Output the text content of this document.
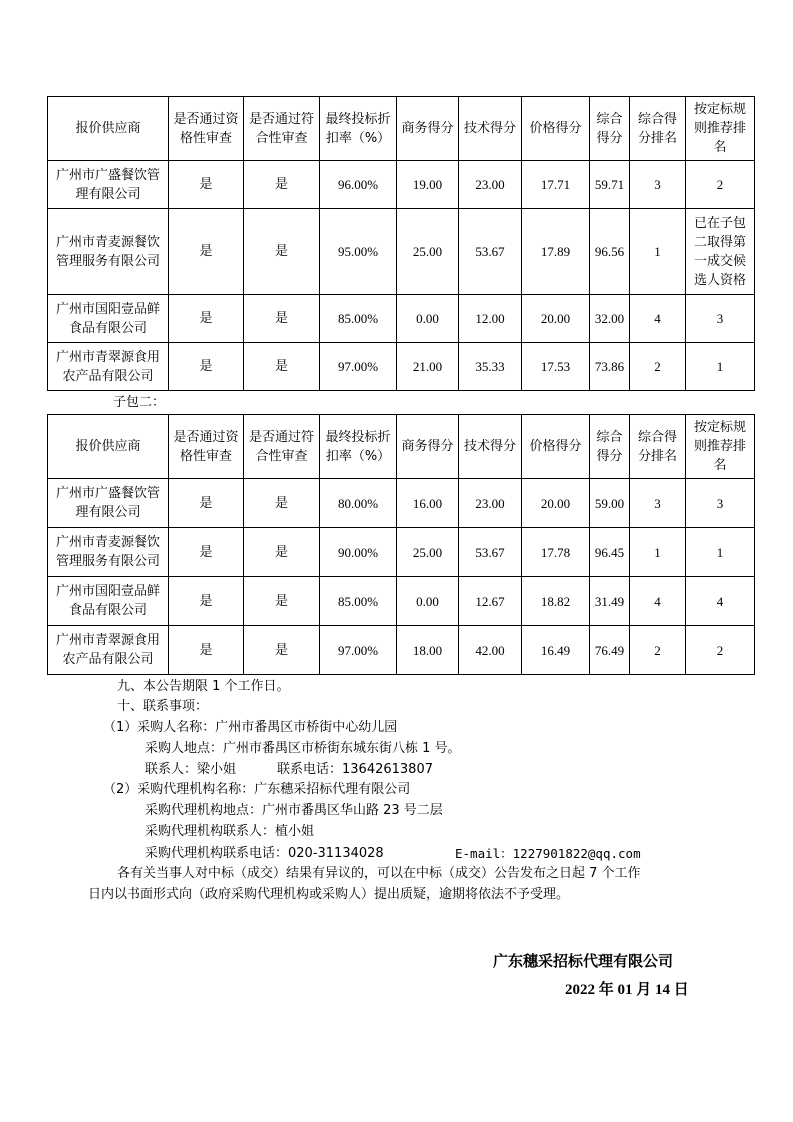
报价供应商	是否通过资格性审查	是否通过符合性审查	最终投标折扣率（%）	商务得分	技术得分	价格得分	综合得分	综合得分排名	按定标规则推荐排名
广州市广盛餐饮管理有限公司	是	是	96.00%	19.00	23.00	17.71	59.71	3	2
广州市青麦源餐饮管理服务有限公司	是	是	95.00%	25.00	53.67	17.89	96.56	1	已在子包二取得第一成交候选人资格
广州市国阳壹品鲜食品有限公司	是	是	85.00%	0.00	12.00	20.00	32.00	4	3
广州市青翠源食用农产品有限公司	是	是	97.00%	21.00	35.33	17.53	73.86	2	1
子包二：
报价供应商	是否通过资格性审查	是否通过符合性审查	最终投标折扣率（%）	商务得分	技术得分	价格得分	综合得分	综合得分排名	按定标规则推荐排名
广州市广盛餐饮管理有限公司	是	是	80.00%	16.00	23.00	20.00	59.00	3	3
广州市青麦源餐饮管理服务有限公司	是	是	90.00%	25.00	53.67	17.78	96.45	1	1
广州市国阳壹品鲜食品有限公司	是	是	85.00%	0.00	12.67	18.82	31.49	4	4
广州市青翠源食用农产品有限公司	是	是	97.00%	18.00	42.00	16.49	76.49	2	2
九、本公告期限 1 个工作日。
十、联系事项：
（1）采购人名称：广州市番禺区市桥街中心幼儿园
采购人地点：广州市番禺区市桥街东城东街八栋 1 号。
联系人：梁小姐	联系电话：13642613807
（2）采购代理机构名称：广东穗采招标代理有限公司
采购代理机构地点：广州市番禺区华山路 23 号二层
采购代理机构联系人：植小姐
采购代理机构联系电话：020-31134028	E-mail：1227901822@qq.com
各有关当事人对中标（成交）结果有异议的，可以在中标（成交）公告发布之日起 7 个工作
日内以书面形式向（政府采购代理机构或采购人）提出质疑，逾期将依法不予受理。
广东穗采招标代理有限公司
2022 年 01 月 14 日
